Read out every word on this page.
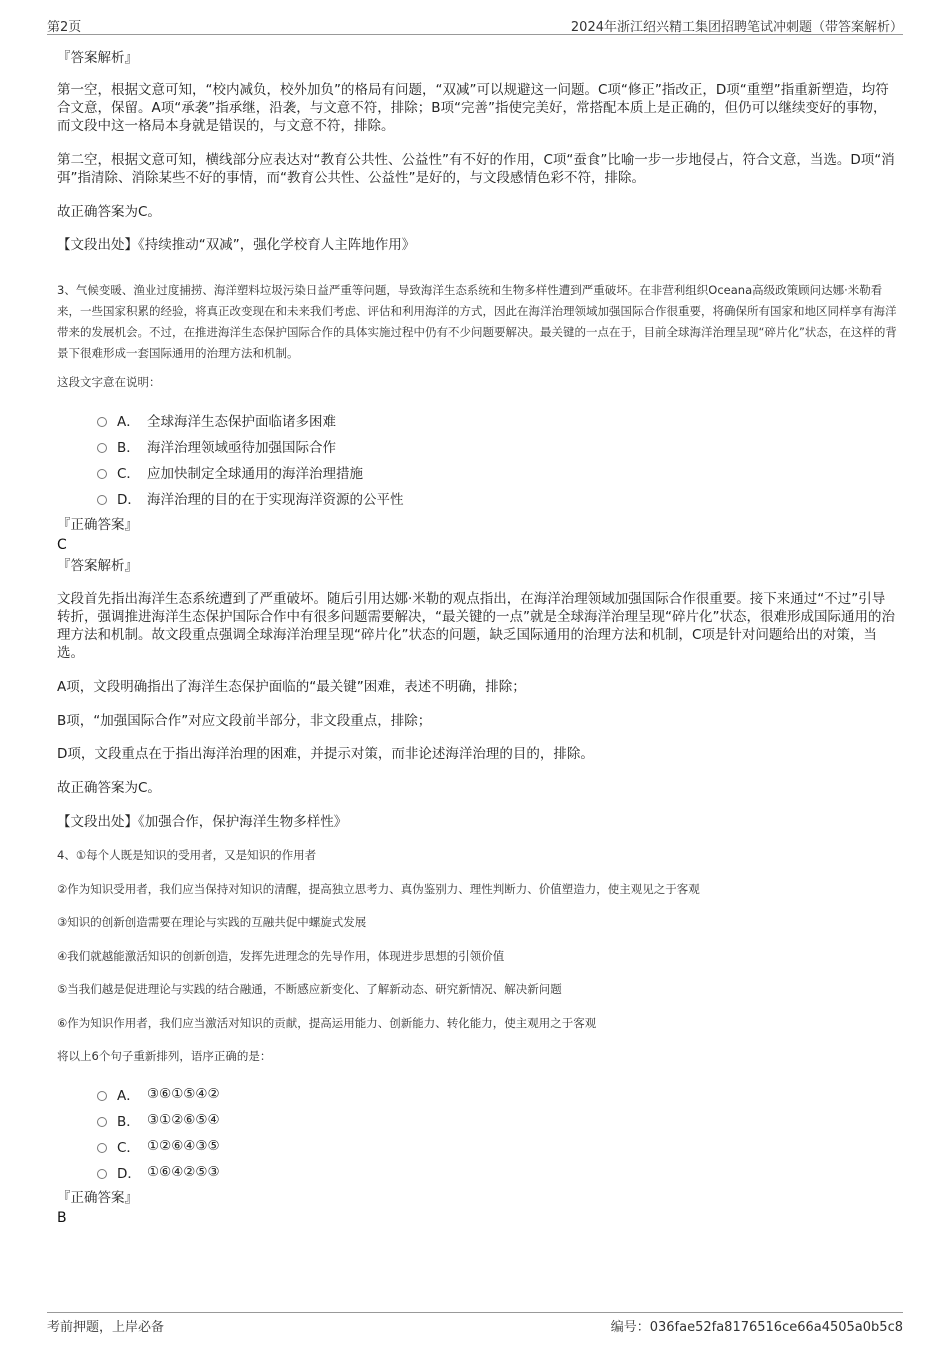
第2页	2024年浙江绍兴精工集团招聘笔试冲刺题（带答案解析）
『答案解析』
第一空，根据文意可知，“校内减负，校外加负”的格局有问题，“双减”可以规避这一问题。C项“修正”指改正，D项“重塑”指重新塑造，均符合文意，保留。A项“承袭”指承继，沿袭，与文意不符，排除；B项“完善”指使完美好，常搭配本质上是正确的，但仍可以继续变好的事物，而文段中这一格局本身就是错误的，与文意不符，排除。
第二空，根据文意可知，横线部分应表达对“教育公共性、公益性”有不好的作用，C项“蚕食”比喻一步一步地侵占，符合文意，当选。D项“消弭”指清除、消除某些不好的事情，而“教育公共性、公益性”是好的，与文段感情色彩不符，排除。
故正确答案为C。
【文段出处】《持续推动“双减”，强化学校育人主阵地作用》
3、气候变暖、渔业过度捕捞、海洋塑料垃圾污染日益严重等问题，导致海洋生态系统和生物多样性遭到严重破坏。在非营利组织Oceana高级政策顾问达娜·米勒看来，一些国家积累的经验，将真正改变现在和未来我们考虑、评估和利用海洋的方式，因此在海洋治理领域加强国际合作很重要，将确保所有国家和地区同样享有海洋带来的发展机会。不过，在推进海洋生态保护国际合作的具体实施过程中仍有不少问题要解决。最关键的一点在于，目前全球海洋治理呈现“碎片化”状态，在这样的背景下很难形成一套国际通用的治理方法和机制。
这段文字意在说明：
A． 全球海洋生态保护面临诸多困难
B． 海洋治理领域亟待加强国际合作
C． 应加快制定全球通用的海洋治理措施
D． 海洋治理的目的在于实现海洋资源的公平性
『正确答案』
C
『答案解析』
文段首先指出海洋生态系统遭到了严重破坏。随后引用达娜·米勒的观点指出，在海洋治理领域加强国际合作很重要。接下来通过“不过”引导转折，强调推进海洋生态保护国际合作中有很多问题需要解决，“最关键的一点”就是全球海洋治理呈现“碎片化”状态，很难形成国际通用的治理方法和机制。故文段重点强调全球海洋治理呈现“碎片化”状态的问题，缺乏国际通用的治理方法和机制，C项是针对问题给出的对策，当选。
A项，文段明确指出了海洋生态保护面临的“最关键”困难，表述不明确，排除；
B项，“加强国际合作”对应文段前半部分，非文段重点，排除；
D项，文段重点在于指出海洋治理的困难，并提示对策，而非论述海洋治理的目的，排除。
故正确答案为C。
【文段出处】《加强合作，保护海洋生物多样性》
4、①每个人既是知识的受用者，又是知识的作用者
②作为知识受用者，我们应当保持对知识的清醒，提高独立思考力、真伪鉴别力、理性判断力、价值塑造力，使主观见之于客观
③知识的创新创造需要在理论与实践的互融共促中螺旋式发展
④我们就越能激活知识的创新创造，发挥先进理念的先导作用，体现进步思想的引领价值
⑤当我们越是促进理论与实践的结合融通，不断感应新变化、了解新动态、研究新情况、解决新问题
⑥作为知识作用者，我们应当激活对知识的贡献，提高运用能力、创新能力、转化能力，使主观用之于客观
将以上6个句子重新排列，语序正确的是：
A． ③⑥①⑤④②
B． ③①②⑥⑤④
C． ①②⑥④③⑤
D． ①⑥④②⑤③
『正确答案』
B
考前押题，上岸必备	编号：036fae52fa8176516ce66a4505a0b5c8
